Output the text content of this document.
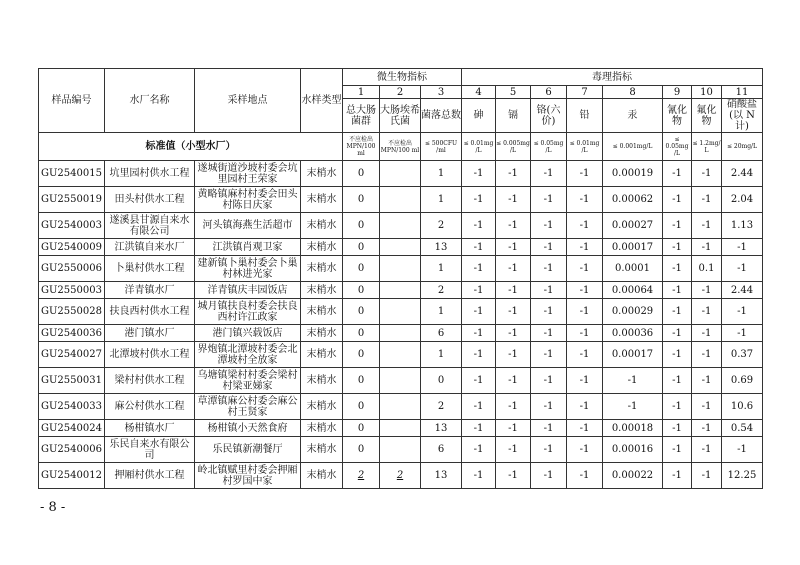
样品编号	水厂名称	采样地点	水样类型	微生物指标			毒理指标							
				1	2	3	4	5	6	7	8	9	10	11
				总大肠菌群	大肠埃希氏菌	菌落总数	砷	镉	铬(六价)	铅	汞	氰化物	氟化物	硝酸盐(以 N 计)
标准值（小型水厂）				不应检出 MPN/100 ml	不应检出 MPN/100 ml	≤ 500CFU /ml	≤ 0.01mg /L	≤ 0.005mg /L	≤ 0.05mg /L	≤ 0.01mg /L	≤ 0.001mg/L	≤ 0.05mg /L	≤ 1.2mg/ L	≤ 20mg/L
GU2540015	坑里园村供水工程	遂城街道沙坡村委会坑里园村王荣家	末梢水	0		1	-1	-1	-1	-1	0.00019	-1	-1	2.44
GU2550019	田头村供水工程	黄略镇麻村村委会田头村陈日庆家	末梢水	0		1	-1	-1	-1	-1	0.00062	-1	-1	2.04
GU2540003	遂溪县甘源自来水有限公司	河头镇海燕生活超市	末梢水	0		2	-1	-1	-1	-1	0.00027	-1	-1	1.13
GU2540009	江洪镇自来水厂	江洪镇肖观卫家	末梢水	0		13	-1	-1	-1	-1	0.00017	-1	-1	-1
GU2550006	卜巢村供水工程	建新镇卜巢村委会卜巢村林进光家	末梢水	0		1	-1	-1	-1	-1	0.0001	-1	0.1	-1
GU2550003	洋青镇水厂	洋青镇庆丰园饭店	末梢水	0		2	-1	-1	-1	-1	0.00064	-1	-1	2.44
GU2550028	扶良西村供水工程	城月镇扶良村委会扶良西村许江政家	末梢水	0		1	-1	-1	-1	-1	0.00029	-1	-1	-1
GU2540036	港门镇水厂	港门镇兴载饭店	末梢水	0		6	-1	-1	-1	-1	0.00036	-1	-1	-1
GU2540027	北潭坡村供水工程	界炮镇北潭坡村委会北潭坡村全放家	末梢水	0		1	-1	-1	-1	-1	0.00017	-1	-1	0.37
GU2550031	梁村村供水工程	乌塘镇梁村村委会梁村村梁亚娣家	末梢水	0		0	-1	-1	-1	-1	-1	-1	-1	0.69
GU2540033	麻公村供水工程	草潭镇麻公村委会麻公村王贤家	末梢水	0		2	-1	-1	-1	-1	-1	-1	-1	10.6
GU2540024	杨柑镇水厂	杨柑镇小天然食府	末梢水	0		13	-1	-1	-1	-1	0.00018	-1	-1	0.54
GU2540006	乐民自来水有限公司	乐民镇新潮餐厅	末梢水	0		6	-1	-1	-1	-1	0.00016	-1	-1	-1
GU2540012	押厢村供水工程	岭北镇赋里村委会押厢村罗国中家	末梢水	2	2	13	-1	-1	-1	-1	0.00022	-1	-1	12.25
- 8 -
